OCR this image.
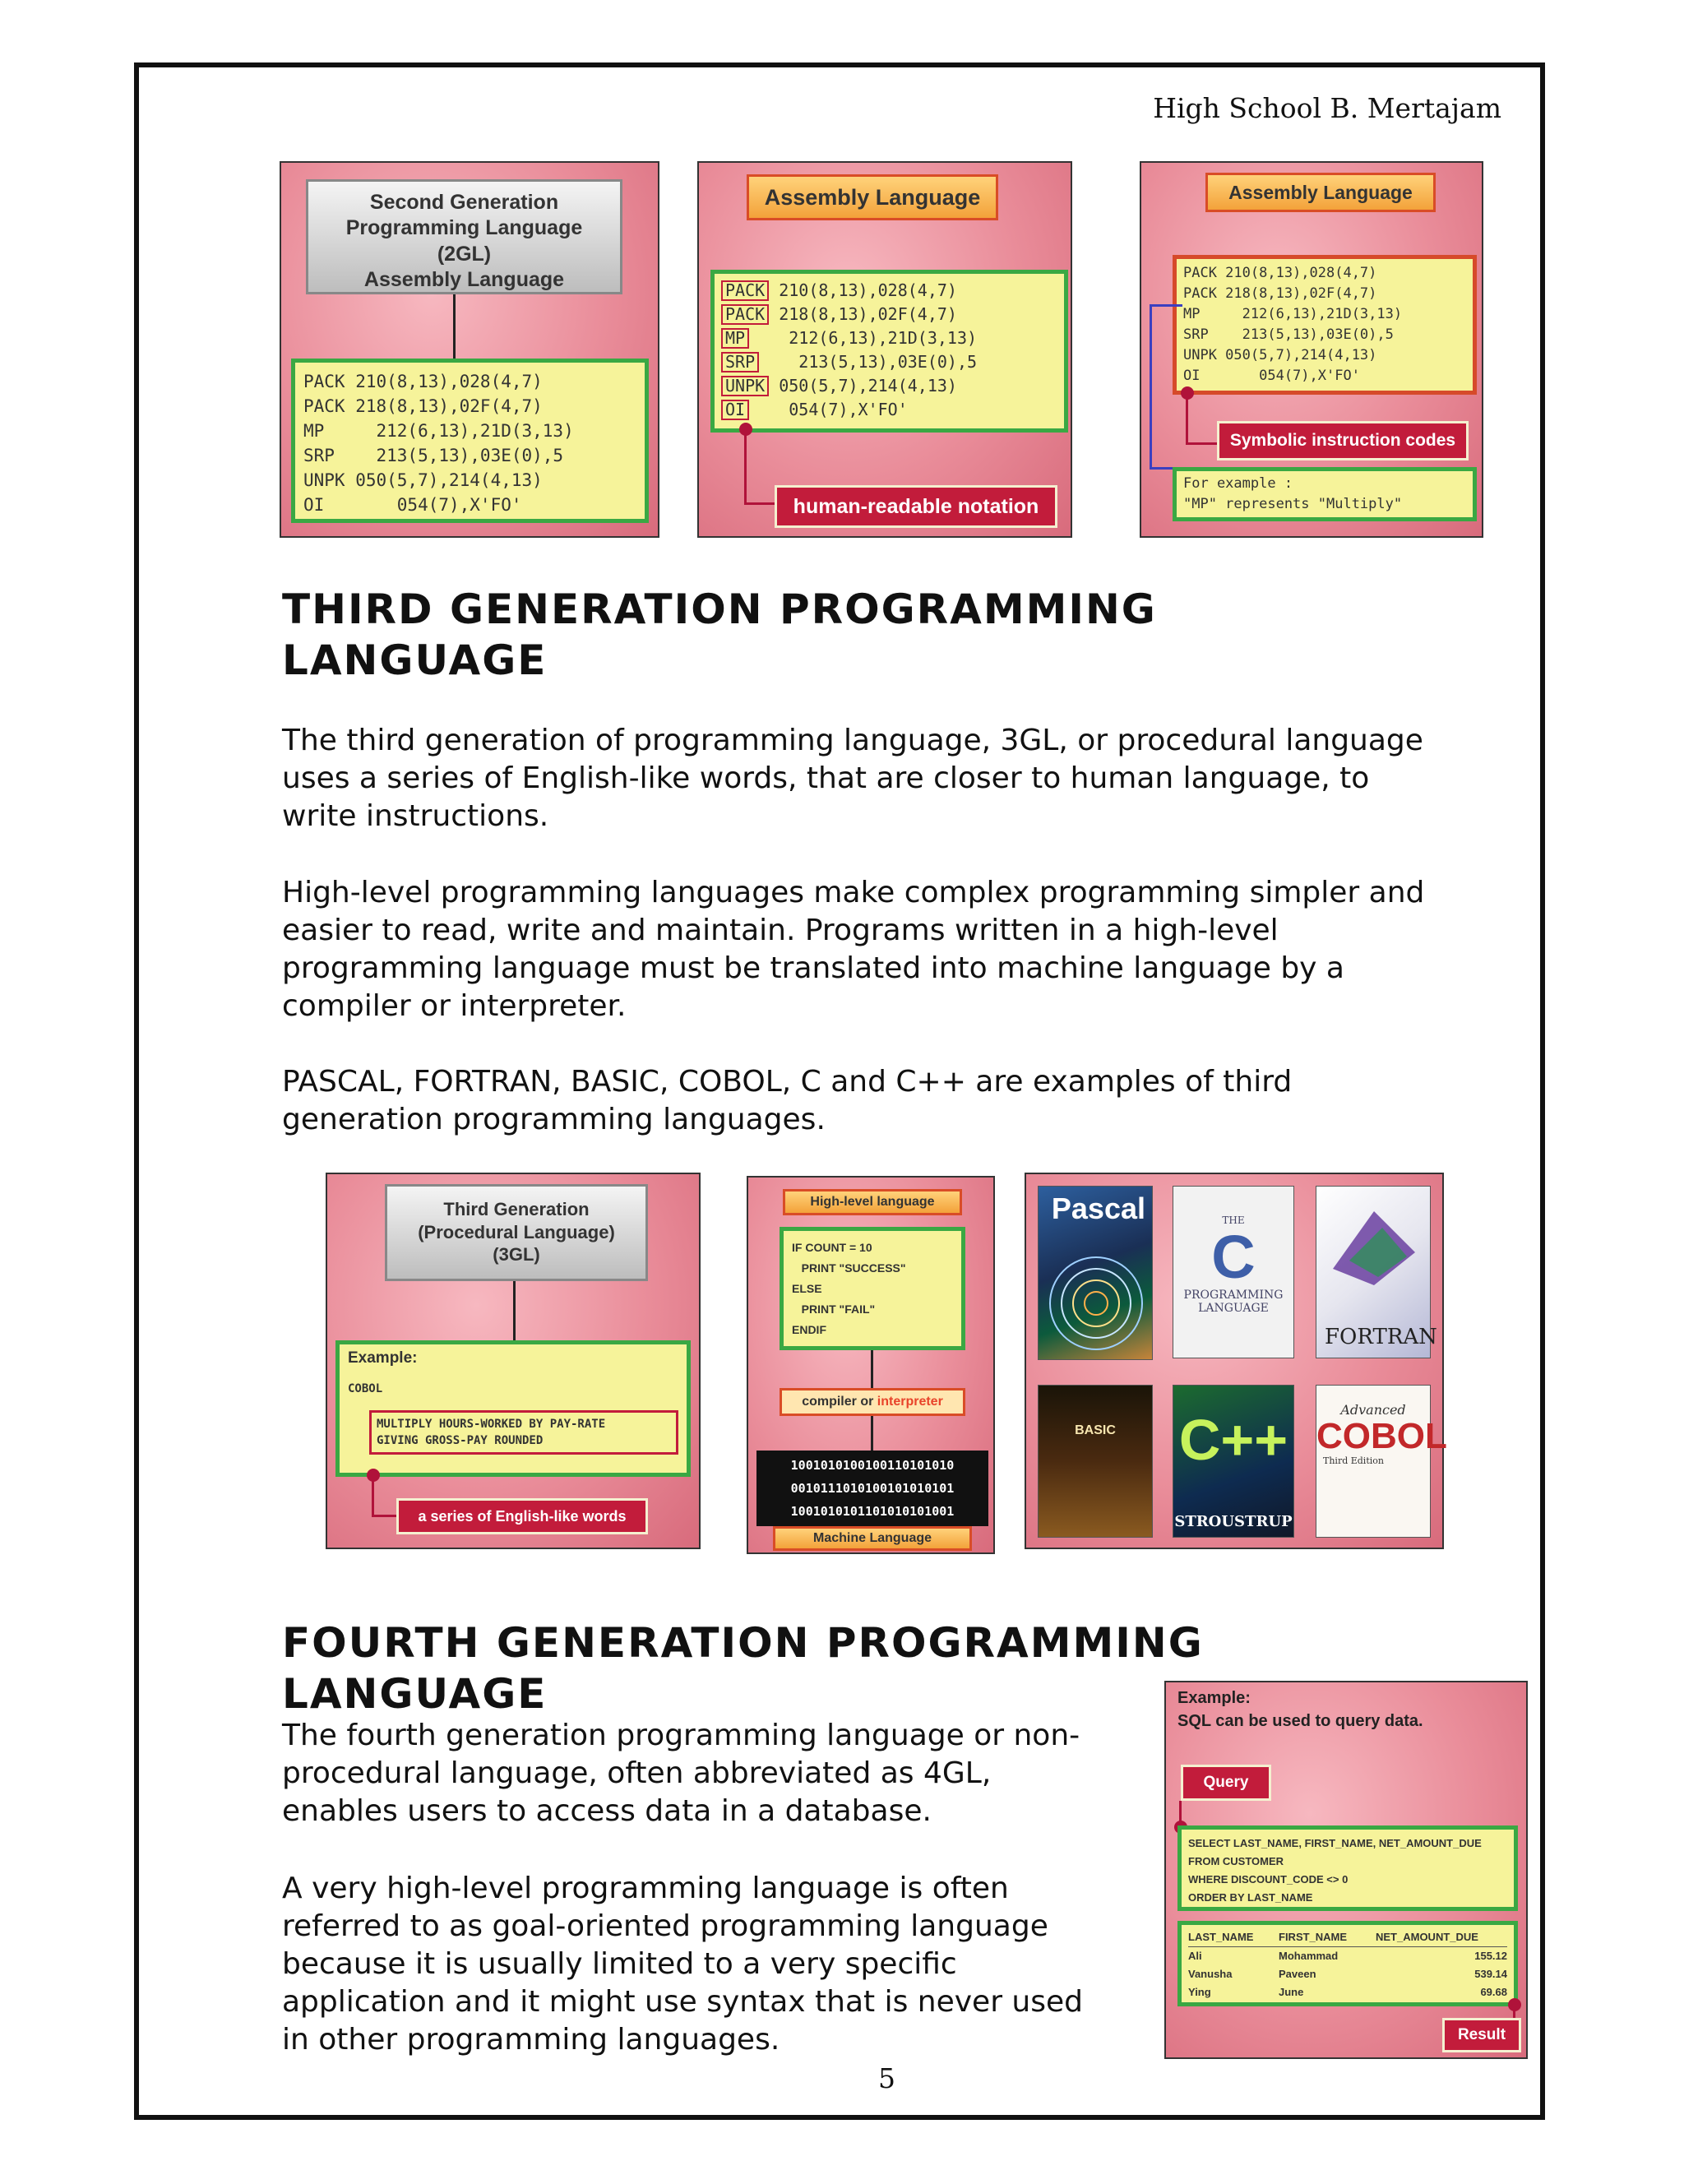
High School B. Mertajam
Second Generation
Programming Language
(2GL)
Assembly Language
PACK 210(8,13),028(4,7)
PACK 218(8,13),02F(4,7)
MP     212(6,13),21D(3,13)
SRP    213(5,13),03E(0),5
UNPK 050(5,7),214(4,13)
OI       054(7),X'FO'
Assembly Language
PACK 210(8,13),028(4,7)
PACK 218(8,13),02F(4,7)
MP    212(6,13),21D(3,13)
SRP    213(5,13),03E(0),5
UNPK 050(5,7),214(4,13)
OI    054(7),X'FO'
human-readable notation
Assembly Language
PACK 210(8,13),028(4,7)
PACK 218(8,13),02F(4,7)
MP     212(6,13),21D(3,13)
SRP    213(5,13),03E(0),5
UNPK 050(5,7),214(4,13)
OI       054(7),X'FO'
Symbolic instruction codes
For example :
"MP" represents "Multiply"
THIRD GENERATION PROGRAMMING
LANGUAGE
The third generation of programming language, 3GL, or procedural language
uses a series of English-like words, that are closer to human language, to
write instructions.
High-level programming languages make complex programming simpler and
easier to read, write and maintain. Programs written in a high-level
programming language must be translated into machine language by a
compiler or interpreter.
PASCAL, FORTRAN, BASIC, COBOL, C and C++ are examples of third
generation programming languages.
Third Generation
(Procedural Language)
(3GL)
Example:
COBOL
MULTIPLY HOURS-WORKED BY PAY-RATE
GIVING GROSS-PAY ROUNDED
a series of English-like words
High-level language
IF COUNT = 10
PRINT "SUCCESS"
ELSE
PRINT "FAIL"
ENDIF
compiler or interpreter
1001010100100110101010
0010111010100101010101
1001010101101010101001
Machine Language
Pascal	THE
C
PROGRAMMING
LANGUAGE
FORTRAN
BASIC	C++
STROUSTRUP
Advanced
COBOL
Third Edition
FOURTH GENERATION PROGRAMMING
LANGUAGE
The fourth generation programming language or non-
procedural language, often abbreviated as 4GL,
enables users to access data in a database.
A very high-level programming language is often
referred to as goal-oriented programming language
because it is usually limited to a very specific
application and it might use syntax that is never used
in other programming languages.
Example:
SQL can be used to query data.
Query
SELECT LAST_NAME, FIRST_NAME, NET_AMOUNT_DUE
FROM CUSTOMER
WHERE DISCOUNT_CODE <> 0
ORDER BY LAST_NAME
LAST_NAME	FIRST_NAME	NET_AMOUNT_DUE
Ali	Mohammad	155.12
Vanusha	Paveen	539.14
Ying	June	69.68
Result
5
